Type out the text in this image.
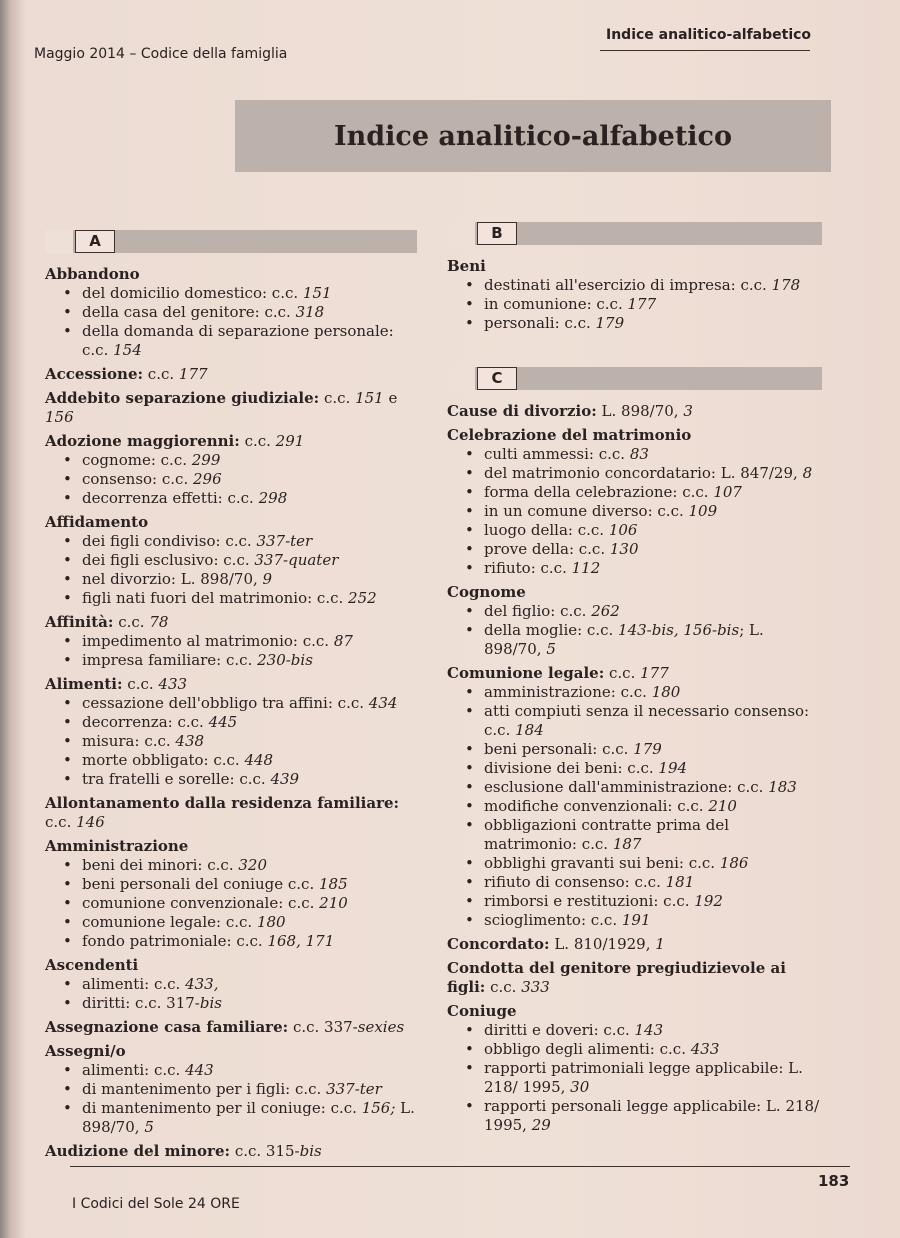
Maggio 2014 – Codice della famiglia
Indice analitico-alfabetico
Indice analitico-alfabetico
A
Abbandono
• del domicilio domestico: c.c. 151
• della casa del genitore: c.c. 318
• della domanda di separazione personale: c.c. 154
Accessione: c.c. 177
Addebito separazione giudiziale: c.c. 151 e 156
Adozione maggiorenni: c.c. 291
• cognome: c.c. 299
• consenso: c.c. 296
• decorrenza effetti: c.c. 298
Affidamento
• dei figli condiviso: c.c. 337-ter
• dei figli esclusivo: c.c. 337-quater
• nel divorzio: L. 898/70, 9
• figli nati fuori del matrimonio: c.c. 252
Affinità: c.c. 78
• impedimento al matrimonio: c.c. 87
• impresa familiare: c.c. 230-bis
Alimenti: c.c. 433
• cessazione dell'obbligo tra affini: c.c. 434
• decorrenza: c.c. 445
• misura: c.c. 438
• morte obbligato: c.c. 448
• tra fratelli e sorelle: c.c. 439
Allontanamento dalla residenza familiare: c.c. 146
Amministrazione
• beni dei minori: c.c. 320
• beni personali del coniuge c.c. 185
• comunione convenzionale: c.c. 210
• comunione legale: c.c. 180
• fondo patrimoniale: c.c. 168, 171
Ascendenti
• alimenti: c.c. 433,
• diritti: c.c. 317-bis
Assegnazione casa familiare: c.c. 337-sexies
Assegni/o
• alimenti: c.c. 443
• di mantenimento per i figli: c.c. 337-ter
• di mantenimento per il coniuge: c.c. 156; L. 898/70, 5
Audizione del minore: c.c. 315-bis
B
Beni
• destinati all'esercizio di impresa: c.c. 178
• in comunione: c.c. 177
• personali: c.c. 179
C
Cause di divorzio: L. 898/70, 3
Celebrazione del matrimonio
• culti ammessi: c.c. 83
• del matrimonio concordatario: L. 847/29, 8
• forma della celebrazione: c.c. 107
• in un comune diverso: c.c. 109
• luogo della: c.c. 106
• prove della: c.c. 130
• rifiuto: c.c. 112
Cognome
• del figlio: c.c. 262
• della moglie: c.c. 143-bis, 156-bis; L. 898/70, 5
Comunione legale: c.c. 177
• amministrazione: c.c. 180
• atti compiuti senza il necessario consenso: c.c. 184
• beni personali: c.c. 179
• divisione dei beni: c.c. 194
• esclusione dall'amministrazione: c.c. 183
• modifiche convenzionali: c.c. 210
• obbligazioni contratte prima del matrimonio: c.c. 187
• obblighi gravanti sui beni: c.c. 186
• rifiuto di consenso: c.c. 181
• rimborsi e restituzioni: c.c. 192
• scioglimento: c.c. 191
Concordato: L. 810/1929, 1
Condotta del genitore pregiudizievole ai figli: c.c. 333
Coniuge
• diritti e doveri: c.c. 143
• obbligo degli alimenti: c.c. 433
• rapporti patrimoniali legge applicabile: L. 218/ 1995, 30
• rapporti personali legge applicabile: L. 218/ 1995, 29
I Codici del Sole 24 ORE
183
